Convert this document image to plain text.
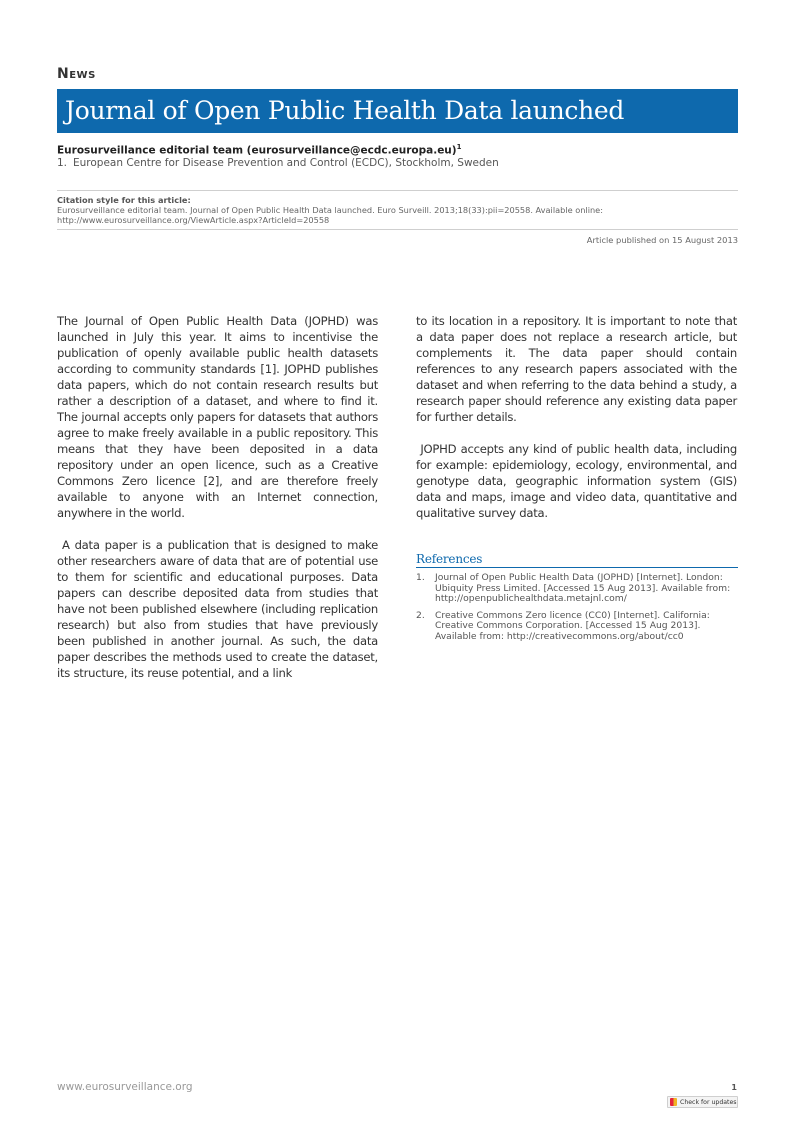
News
Journal of Open Public Health Data launched
Eurosurveillance editorial team (eurosurveillance@ecdc.europa.eu)$^1$
1. European Centre for Disease Prevention and Control (ECDC), Stockholm, Sweden
Citation style for this article:
Eurosurveillance editorial team. Journal of Open Public Health Data launched. Euro Surveill. 2013;18(33):pii=20558. Available online: http://www.eurosurveillance.org/ViewArticle.aspx?ArticleId=20558
Article published on 15 August 2013

The Journal of Open Public Health Data (JOPHD) was launched in July this year. It aims to incentivise the publication of openly available public health datasets according to community standards [1]. JOPHD publishes data papers, which do not contain research results but rather a description of a dataset, and where to find it. The journal accepts only papers for datasets that authors agree to make freely available in a public repository. This means that they have been deposited in a data repository under an open licence, such as a Creative Commons Zero licence [2], and are therefore freely available to anyone with an Internet connection, anywhere in the world.

A data paper is a publication that is designed to make other researchers aware of data that are of potential use to them for scientific and educational purposes. Data papers can describe deposited data from studies that have not been published elsewhere (including replication research) but also from studies that have previously been published in another journal. As such, the data paper describes the methods used to create the dataset, its structure, its reuse potential, and a link

to its location in a repository. It is important to note that a data paper does not replace a research article, but complements it. The data paper should contain references to any research papers associated with the dataset and when referring to the data behind a study, a research paper should reference any existing data paper for further details.

JOPHD accepts any kind of public health data, including for example: epidemiology, ecology, environmental, and genotype data, geographic information system (GIS) data and maps, image and video data, quantitative and qualitative survey data.

References
1. Journal of Open Public Health Data (JOPHD) [Internet]. London: Ubiquity Press Limited. [Accessed 15 Aug 2013]. Available from: http://openpublichealthdata.metajnl.com/
2. Creative Commons Zero licence (CC0) [Internet]. California: Creative Commons Corporation. [Accessed 15 Aug 2013]. Available from: http://creativecommons.org/about/cc0
www.eurosurveillance.org	1
Check for updates
